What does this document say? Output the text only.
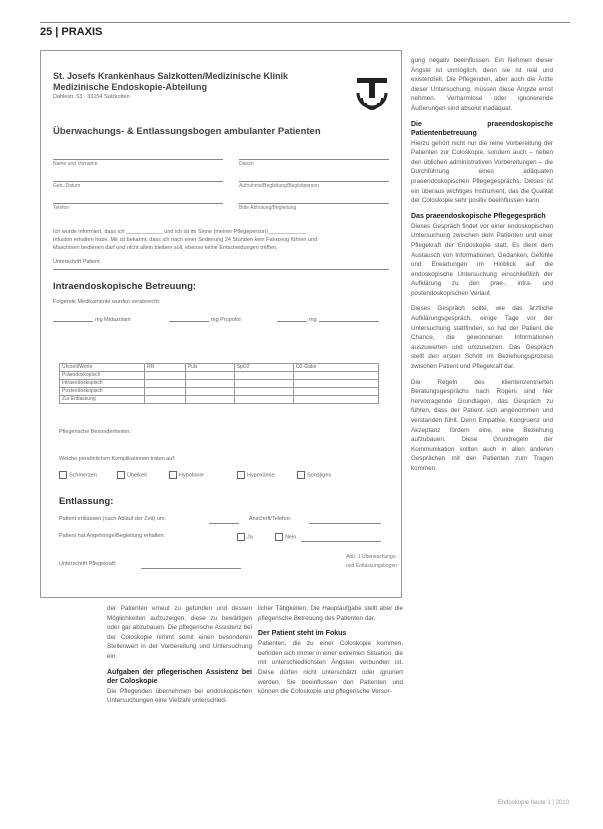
25 | PRAXIS
St. Josefs Krankenhaus Salzkotten/Medizinische Klinik
Medizinische Endoskopie-Abteilung
Dahlestr. 53 · 33154 Salzkotten
Überwachungs- & Entlassungsbogen ambulanter Patienten
Name und Vorname	Datum
Geb.-Datum	Aufnahme/Begleitung/Begleitperson
Telefon	Bitte Abholung/Begleitung
Ich wurde informiert, dass ich ____________ und ich ist im Sinne (meiner Pflegeperson) ____________
Infusion erhalten habe. Mir ist bekannt, dass ich nach einer Sedierung 24 Stunden kein Fahrzeug führen und
Maschinen bedienen darf und nicht allein bleiben soll, ebenso keine Entscheidungen treffen.
Unterschrift Patient
Intraendoskopische Betreuung:
Folgende Medikamente wurden verabreicht:
mg Midazolam	mg Propofol	mg
Uhrzeit/Werte	RR	Puls	SpO2	O2-Gabe
Präendoskopisch				
Intraendoskopisch				
Postendoskopisch				
Zur Entlassung				
Pflegerische Besonderheiten:
Welche persönlichen Komplikationen traten auf:
Schmerzen	Übelkeit	Hypotonie	Hypoxämie	Sonstiges
Entlassung:
Patient entlassen (nach Ablauf der Zeit) um:	Anschrift/Telefon:
Patient hat Angehörige/Begleitung erhalten:	Ja	Nein
Unterschrift Pflegekraft:
Abb. 1 Überwachungs-
und Entlassungsbogen

der Patienten erneut zu gefunden und dessen Möglichkeiten aufzuzeigen, diese zu bewältigen oder gar abzubauen. Die pflegerische Assistenz bei der Coloskopie nimmt somit einen besonderen Stellenwert in der Vorbereitung und Untersuchung ein.

Aufgaben der pflegerischen Assistenz bei der Coloskopie

Die Pflegenden übernehmen bei endoskopischen Untersuchungen eine Vielzahl unterschied-

licher Tätigkeiten. Die Hauptaufgabe stellt aber die pflegerische Betreuung des Patienten dar.

Der Patient steht im Fokus

Patienten, die zu einer Coloskopie kommen, befinden sich immer in einer extremen Situation, die mit unterschiedlichsten Ängsten verbunden ist. Diese dürfen nicht unterschätzt oder ignoriert werden. Sie beeinflussen den Patienten und können die Coloskopie und pflegerische Versor-

gung negativ beeinflussen. Ein Nehmen dieser Ängste ist unmöglich, denn sie ist real und existenziell. Die Pflegenden, aber auch die Ärzte dieser Untersuchung, müssen diese Ängste ernst nehmen. Verharmlose oder ignorierende Äußerungen sind absolut inadäquat.

Die praeendoskopische Patientenbetreuung

Hierzu gehört nicht nur die reine Vorbereitung der Patienten zur Coloskopie, sondern auch – neben den üblichen administrativen Vorbereitungen – die Durchführung eines adäquaten praeendoskopischen Pflegegesprächs. Dieses ist ein überaus wichtiges Instrument, das die Qualität der Coloskopie sehr positiv beeinflussen kann.

Das praeendoskopische Pflegegespräch

Dieses Gespräch findet vor einer endoskopischen Untersuchung zwischen dem Patienten und einer Pflegekraft der Endoskopie statt. Es dient dem Austausch von Informationen, Gedanken, Gefühle und Erwartungen im Hinblick auf die endoskopische Untersuchung einschließlich der Aufklärung zu den prae-, intra- und postendoskopischen Verlauf.

Dieses Gespräch sollte, wie das ärztliche Aufklärungsgespräch, einige Tage vor der Untersuchung stattfinden, so hat der Patient die Chance, die gewonnenen Informationen auszuwerten und umzusetzen. Das Gespräch stellt den ersten Schritt im Beziehungsprozess zwischen Patient und Pflegekraft dar.

Die Regeln des klientenzentrierten Beratungsgesprächs nach Rogers sind hier hervorragende Grundlagen, das Gespräch zu führen, dass der Patient sich angenommen und verstanden fühlt. Denn Empathie, Kongruenz und Akzeptanz fördern eine, eine Beziehung aufzubauen. Diese Grundregeln der Kommunikation sollten auch in allen anderen Gesprächen mit den Patienten zum Tragen kommen.

Endoskopie heute 1 | 2010
